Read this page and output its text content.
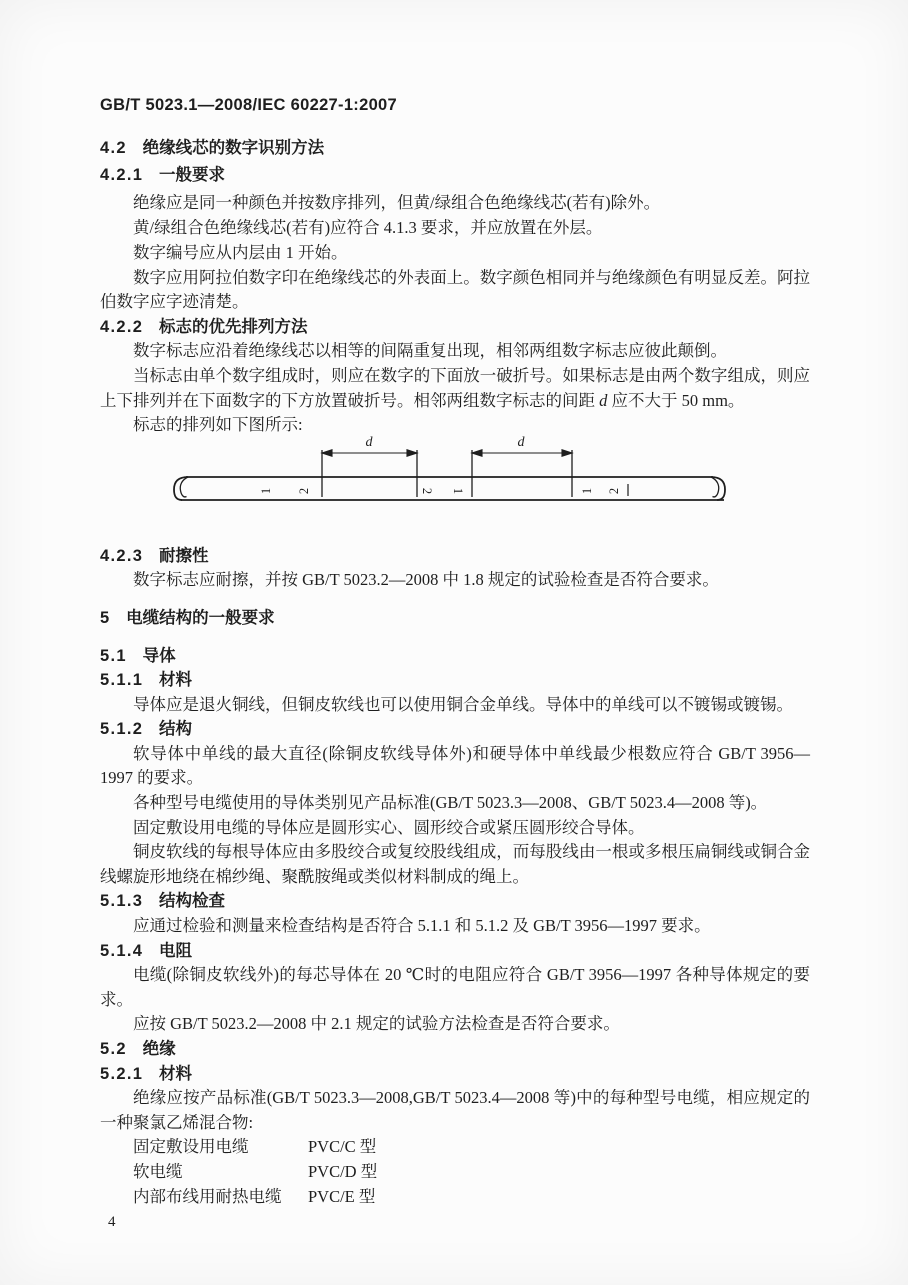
GB/T 5023.1—2008/IEC 60227-1:2007
4.2 绝缘线芯的数字识别方法
4.2.1 一般要求

绝缘应是同一种颜色并按数序排列，但黄/绿组合色绝缘线芯(若有)除外。

黄/绿组合色绝缘线芯(若有)应符合 4.1.3 要求，并应放置在外层。

数字编号应从内层由 1 开始。

数字应用阿拉伯数字印在绝缘线芯的外表面上。数字颜色相同并与绝缘颜色有明显反差。阿拉伯数字应字迹清楚。

4.2.2 标志的优先排列方法

数字标志应沿着绝缘线芯以相等的间隔重复出现，相邻两组数字标志应彼此颠倒。

当标志由单个数字组成时，则应在数字的下面放一破折号。如果标志是由两个数字组成，则应上下排列并在下面数字的下方放置破折号。相邻两组数字标志的间距 d 应不大于 50 mm。

标志的排列如下图所示:

d	d
1 2	2 1	1 2
4.2.3 耐擦性

数字标志应耐擦，并按 GB/T 5023.2—2008 中 1.8 规定的试验检查是否符合要求。

5 电缆结构的一般要求
5.1 导体
5.1.1 材料

导体应是退火铜线，但铜皮软线也可以使用铜合金单线。导体中的单线可以不镀锡或镀锡。

5.1.2 结构

软导体中单线的最大直径(除铜皮软线导体外)和硬导体中单线最少根数应符合 GB/T 3956—1997 的要求。

各种型号电缆使用的导体类别见产品标准(GB/T 5023.3—2008、GB/T 5023.4—2008 等)。

固定敷设用电缆的导体应是圆形实心、圆形绞合或紧压圆形绞合导体。

铜皮软线的每根导体应由多股绞合或复绞股线组成，而每股线由一根或多根压扁铜线或铜合金线螺旋形地绕在棉纱绳、聚酰胺绳或类似材料制成的绳上。

5.1.3 结构检查

应通过检验和测量来检查结构是否符合 5.1.1 和 5.1.2 及 GB/T 3956—1997 要求。

5.1.4 电阻

电缆(除铜皮软线外)的每芯导体在 20 ℃时的电阻应符合 GB/T 3956—1997 各种导体规定的要求。

应按 GB/T 5023.2—2008 中 2.1 规定的试验方法检查是否符合要求。

5.2 绝缘
5.2.1 材料

绝缘应按产品标准(GB/T 5023.3—2008,GB/T 5023.4—2008 等)中的每种型号电缆，相应规定的一种聚氯乙烯混合物:

固定敷设用电缆	PVC/C 型
软电缆	PVC/D 型
内部布线用耐热电缆	PVC/E 型
4
